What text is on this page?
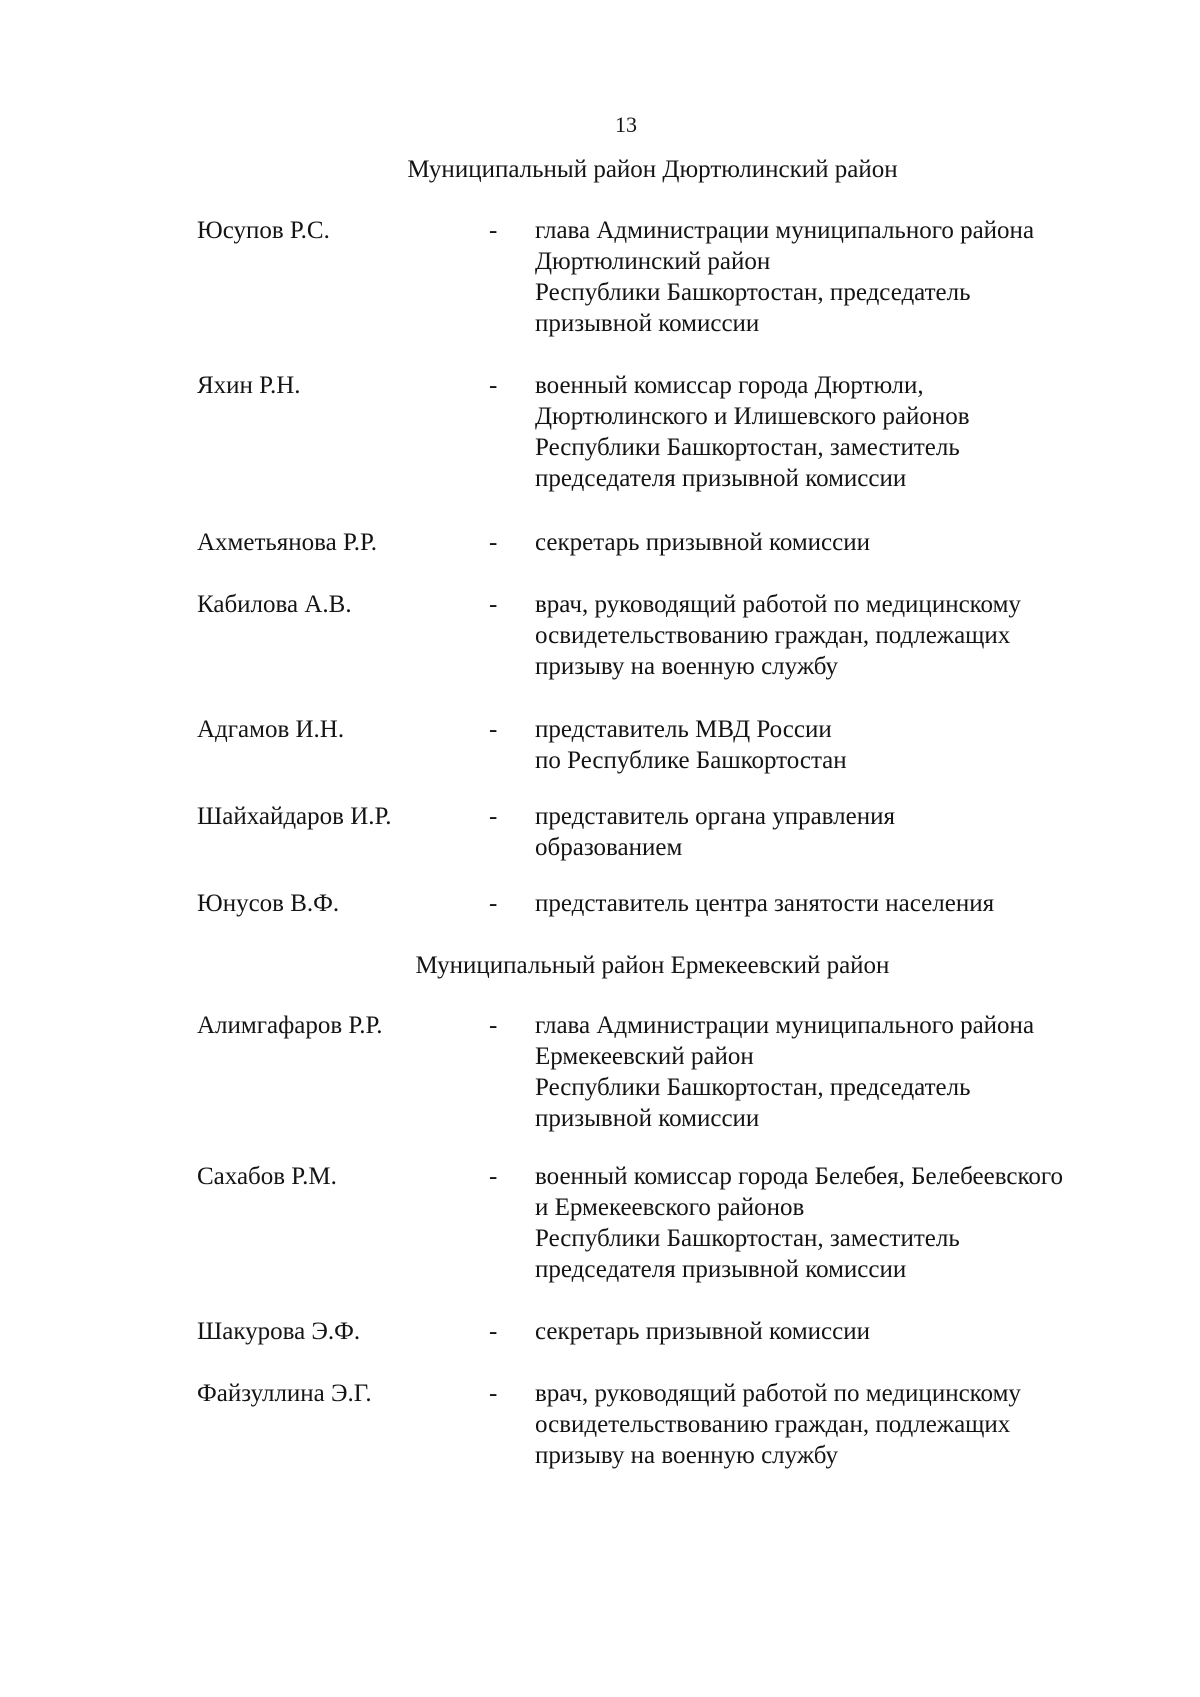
13
Муниципальный район Дюртюлинский район
Юсупов Р.С.	- глава Администрации муниципального района
Дюртюлинский район
Республики Башкортостан, председатель
призывной комиссии
Яхин Р.Н.	- военный комиссар города Дюртюли,
Дюртюлинского и Илишевского районов
Республики Башкортостан, заместитель
председателя призывной комиссии
Ахметьянова Р.Р.	- секретарь призывной комиссии
Кабилова А.В.	- врач, руководящий работой по медицинскому
освидетельствованию граждан, подлежащих
призыву на военную службу
Адгамов И.Н.	- представитель МВД России
по Республике Башкортостан
Шайхайдаров И.Р.	- представитель органа управления
образованием
Юнусов В.Ф.	- представитель центра занятости населения
Муниципальный район Ермекеевский район
Алимгафаров Р.Р.	- глава Администрации муниципального района
Ермекеевский район
Республики Башкортостан, председатель
призывной комиссии
Сахабов Р.М.	- военный комиссар города Белебея, Белебеевского
и Ермекеевского районов
Республики Башкортостан, заместитель
председателя призывной комиссии
Шакурова Э.Ф.	- секретарь призывной комиссии
Файзуллина Э.Г.	- врач, руководящий работой по медицинскому
освидетельствованию граждан, подлежащих
призыву на военную службу
